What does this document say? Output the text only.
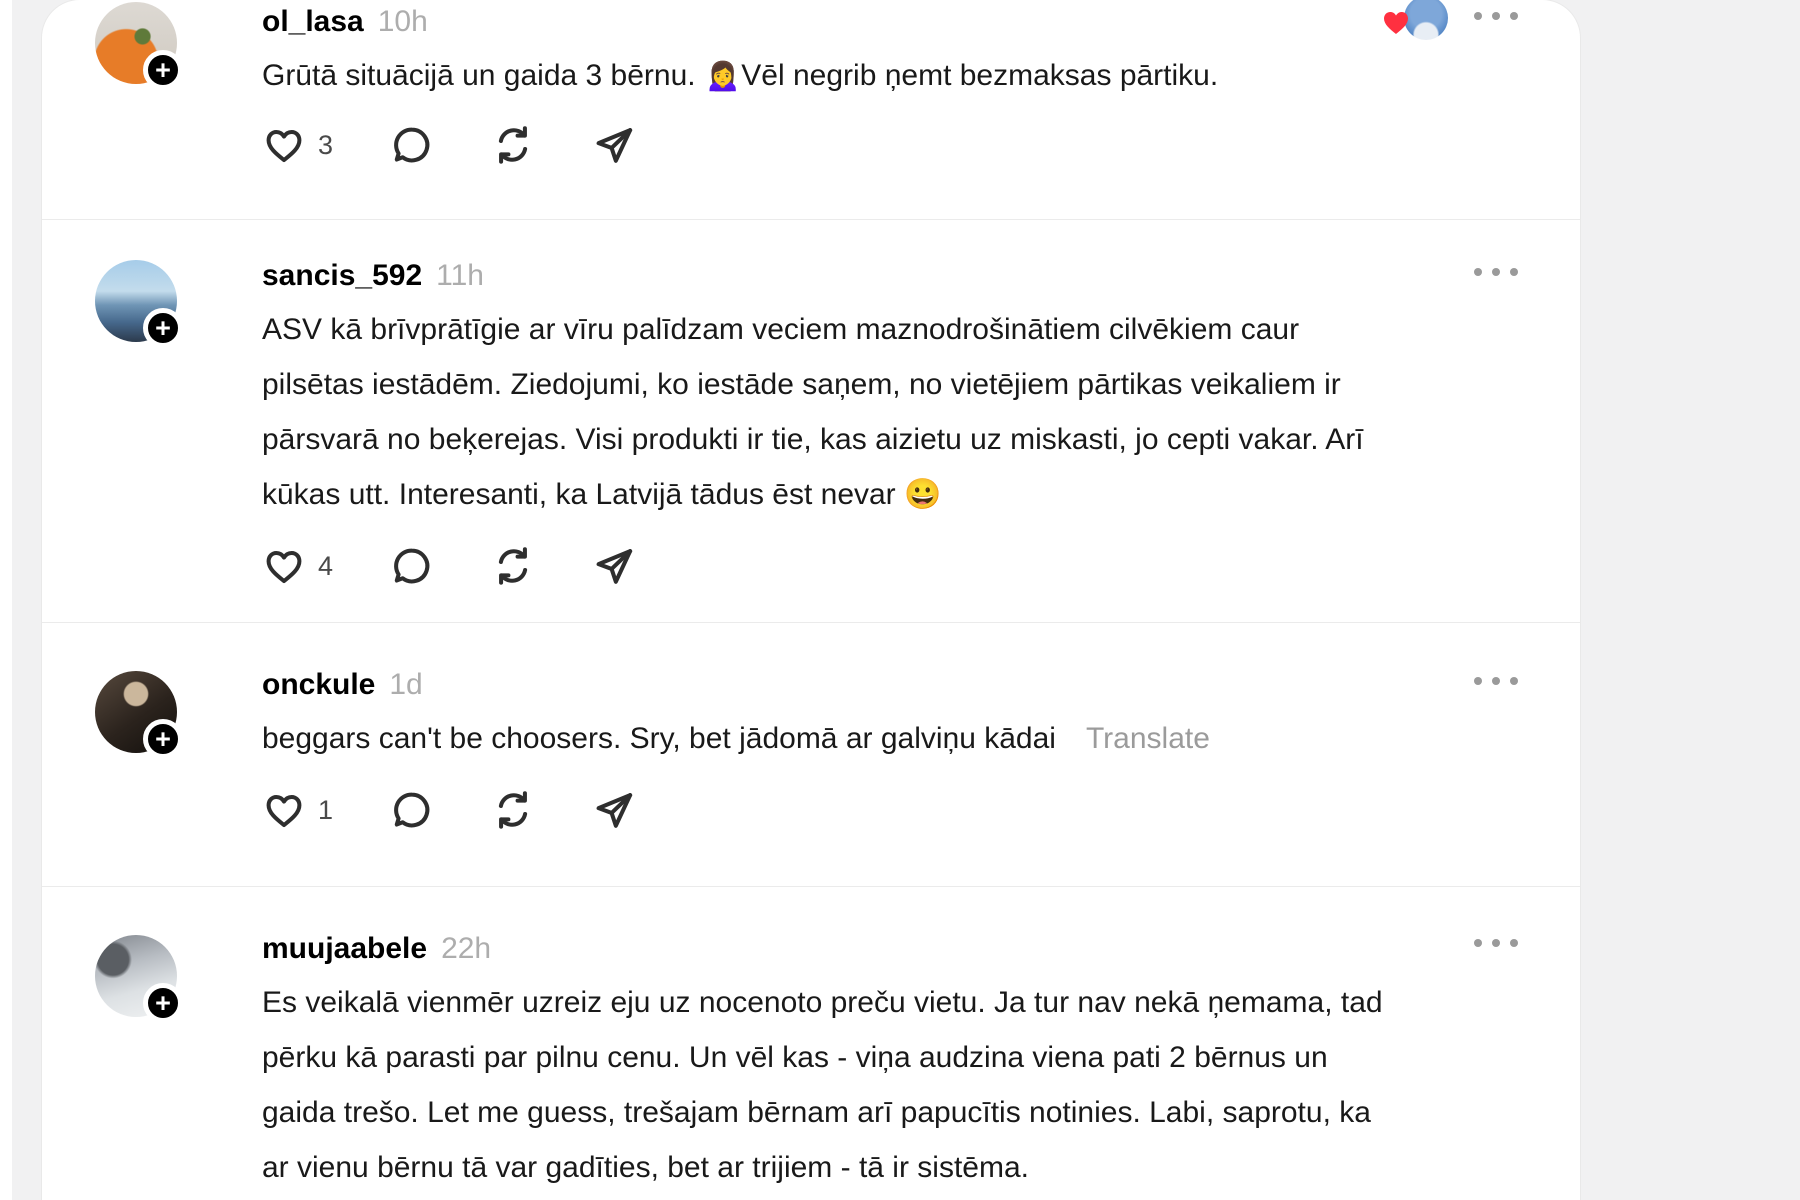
+
ol_lasa 10h
Grūtā situācijā un gaida 3 bērnu. 🙍‍♀️Vēl negrib ņemt bezmaksas pārtiku.
3
+
sancis_592 11h
ASV kā brīvprātīgie ar vīru palīdzam veciem maznodrošinātiem cilvēkiem caur pilsētas iestādēm. Ziedojumi, ko iestāde saņem, no vietējiem pārtikas veikaliem ir pārsvarā no beķerejas. Visi produkti ir tie, kas aizietu uz miskasti, jo cepti vakar. Arī kūkas utt. Interesanti, ka Latvijā tādus ēst nevar 😀
4
+
onckule 1d
beggars can't be choosers. Sry, bet jādomā ar galviņu kādai Translate
1
+
muujaabele 22h
Es veikalā vienmēr uzreiz eju uz nocenoto preču vietu. Ja tur nav nekā ņemama, tad pērku kā parasti par pilnu cenu. Un vēl kas - viņa audzina viena pati 2 bērnus un gaida trešo. Let me guess, trešajam bērnam arī papucītis notinies. Labi, saprotu, ka ar vienu bērnu tā var gadīties, bet ar trijiem - tā ir sistēma.
